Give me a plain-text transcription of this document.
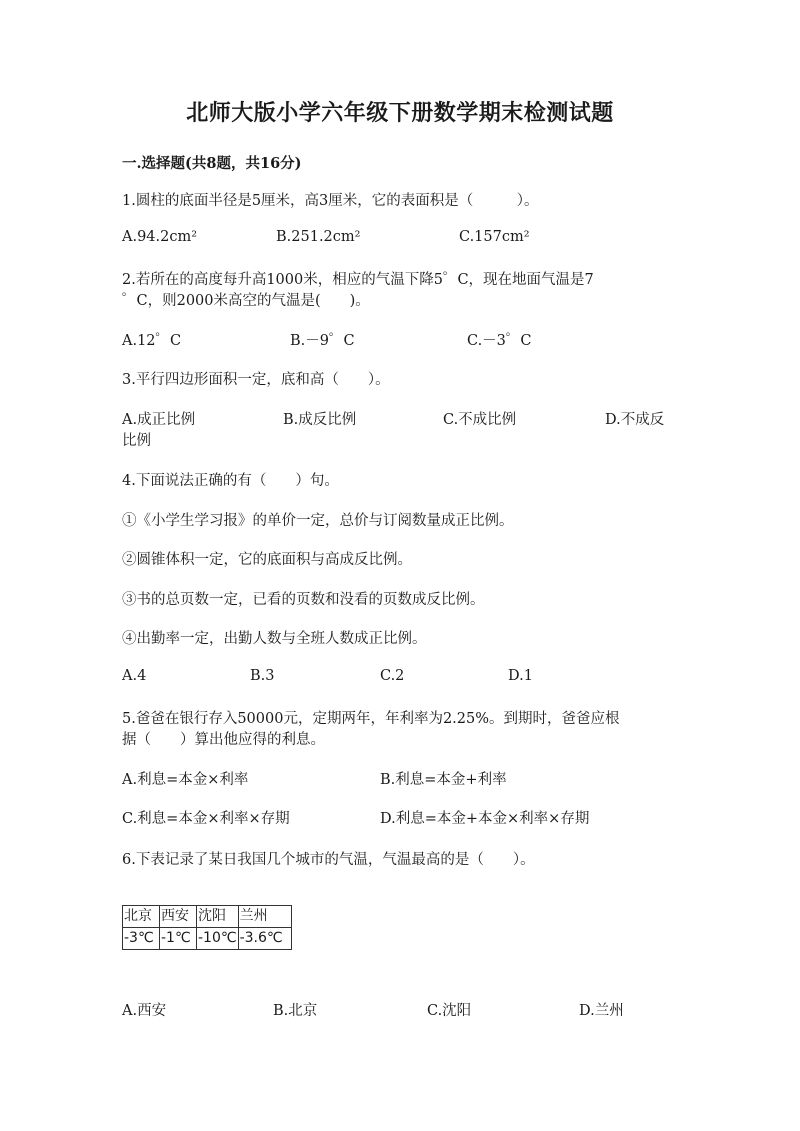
北师大版小学六年级下册数学期末检测试题
一.选择题(共8题，共16分)
1.圆柱的底面半径是5厘米，高3厘米，它的表面积是（　　　）。
A.94.2cm²	B.251.2cm²	C.157cm²
2.若所在的高度每升高1000米，相应的气温下降5゜C，现在地面气温是7
゜C，则2000米高空的气温是(　　)。
A.12゜C	B.－9゜C	C.－3゜C
3.平行四边形面积一定，底和高（　　）。
A.成正比例	B.成反比例	C.不成比例	D.不成反
比例
4.下面说法正确的有（　　）句。
①《小学生学习报》的单价一定，总价与订阅数量成正比例。
②圆锥体积一定，它的底面积与高成反比例。
③书的总页数一定，已看的页数和没看的页数成反比例。
④出勤率一定，出勤人数与全班人数成正比例。
A.4	B.3	C.2	D.1
5.爸爸在银行存入50000元，定期两年，年利率为2.25%。到期时，爸爸应根
据（　　）算出他应得的利息。
A.利息=本金×利率	B.利息=本金+利率
C.利息=本金×利率×存期	D.利息=本金+本金×利率×存期
6.下表记录了某日我国几个城市的气温，气温最高的是（　　）。
北京	西安	沈阳	兰州
-3℃	-1℃	-10℃	-3.6℃
A.西安	B.北京	C.沈阳	D.兰州
